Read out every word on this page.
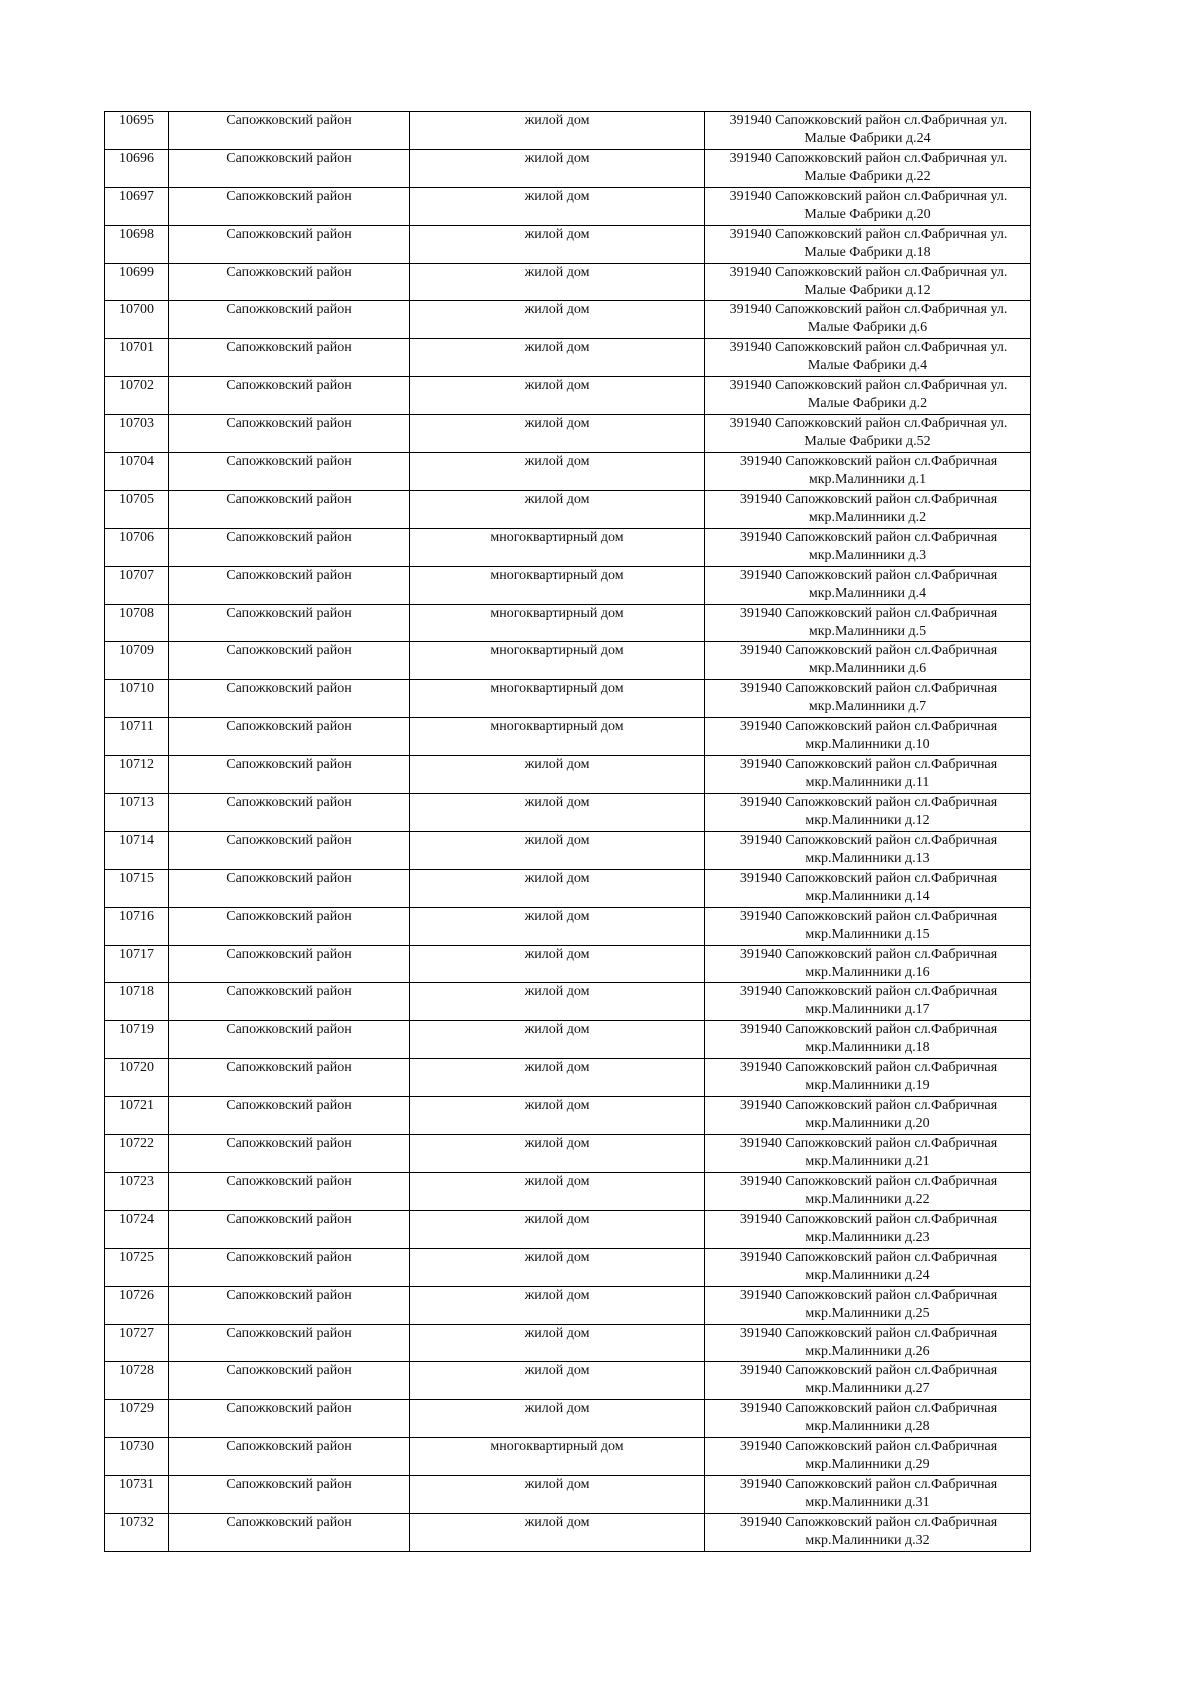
10695	Сапожковский район	жилой дом	391940 Сапожковский район сл.Фабричная ул.
Малые Фабрики д.24

10696	Сапожковский район	жилой дом	391940 Сапожковский район сл.Фабричная ул.
Малые Фабрики д.22

10697	Сапожковский район	жилой дом	391940 Сапожковский район сл.Фабричная ул.
Малые Фабрики д.20

10698	Сапожковский район	жилой дом	391940 Сапожковский район сл.Фабричная ул.
Малые Фабрики д.18

10699	Сапожковский район	жилой дом	391940 Сапожковский район сл.Фабричная ул.
Малые Фабрики д.12

10700	Сапожковский район	жилой дом	391940 Сапожковский район сл.Фабричная ул.
Малые Фабрики д.6

10701	Сапожковский район	жилой дом	391940 Сапожковский район сл.Фабричная ул.
Малые Фабрики д.4

10702	Сапожковский район	жилой дом	391940 Сапожковский район сл.Фабричная ул.
Малые Фабрики д.2

10703	Сапожковский район	жилой дом	391940 Сапожковский район сл.Фабричная ул.
Малые Фабрики д.52

10704	Сапожковский район	жилой дом	391940 Сапожковский район сл.Фабричная
мкр.Малинники д.1

10705	Сапожковский район	жилой дом	391940 Сапожковский район сл.Фабричная
мкр.Малинники д.2

10706	Сапожковский район	многоквартирный дом	391940 Сапожковский район сл.Фабричная
мкр.Малинники д.3

10707	Сапожковский район	многоквартирный дом	391940 Сапожковский район сл.Фабричная
мкр.Малинники д.4

10708	Сапожковский район	многоквартирный дом	391940 Сапожковский район сл.Фабричная
мкр.Малинники д.5

10709	Сапожковский район	многоквартирный дом	391940 Сапожковский район сл.Фабричная
мкр.Малинники д.6

10710	Сапожковский район	многоквартирный дом	391940 Сапожковский район сл.Фабричная
мкр.Малинники д.7

10711	Сапожковский район	многоквартирный дом	391940 Сапожковский район сл.Фабричная
мкр.Малинники д.10

10712	Сапожковский район	жилой дом	391940 Сапожковский район сл.Фабричная
мкр.Малинники д.11

10713	Сапожковский район	жилой дом	391940 Сапожковский район сл.Фабричная
мкр.Малинники д.12

10714	Сапожковский район	жилой дом	391940 Сапожковский район сл.Фабричная
мкр.Малинники д.13

10715	Сапожковский район	жилой дом	391940 Сапожковский район сл.Фабричная
мкр.Малинники д.14

10716	Сапожковский район	жилой дом	391940 Сапожковский район сл.Фабричная
мкр.Малинники д.15

10717	Сапожковский район	жилой дом	391940 Сапожковский район сл.Фабричная
мкр.Малинники д.16

10718	Сапожковский район	жилой дом	391940 Сапожковский район сл.Фабричная
мкр.Малинники д.17

10719	Сапожковский район	жилой дом	391940 Сапожковский район сл.Фабричная
мкр.Малинники д.18

10720	Сапожковский район	жилой дом	391940 Сапожковский район сл.Фабричная
мкр.Малинники д.19

10721	Сапожковский район	жилой дом	391940 Сапожковский район сл.Фабричная
мкр.Малинники д.20

10722	Сапожковский район	жилой дом	391940 Сапожковский район сл.Фабричная
мкр.Малинники д.21

10723	Сапожковский район	жилой дом	391940 Сапожковский район сл.Фабричная
мкр.Малинники д.22

10724	Сапожковский район	жилой дом	391940 Сапожковский район сл.Фабричная
мкр.Малинники д.23

10725	Сапожковский район	жилой дом	391940 Сапожковский район сл.Фабричная
мкр.Малинники д.24

10726	Сапожковский район	жилой дом	391940 Сапожковский район сл.Фабричная
мкр.Малинники д.25

10727	Сапожковский район	жилой дом	391940 Сапожковский район сл.Фабричная
мкр.Малинники д.26

10728	Сапожковский район	жилой дом	391940 Сапожковский район сл.Фабричная
мкр.Малинники д.27

10729	Сапожковский район	жилой дом	391940 Сапожковский район сл.Фабричная
мкр.Малинники д.28

10730	Сапожковский район	многоквартирный дом	391940 Сапожковский район сл.Фабричная
мкр.Малинники д.29

10731	Сапожковский район	жилой дом	391940 Сапожковский район сл.Фабричная
мкр.Малинники д.31

10732	Сапожковский район	жилой дом	391940 Сапожковский район сл.Фабричная
мкр.Малинники д.32
